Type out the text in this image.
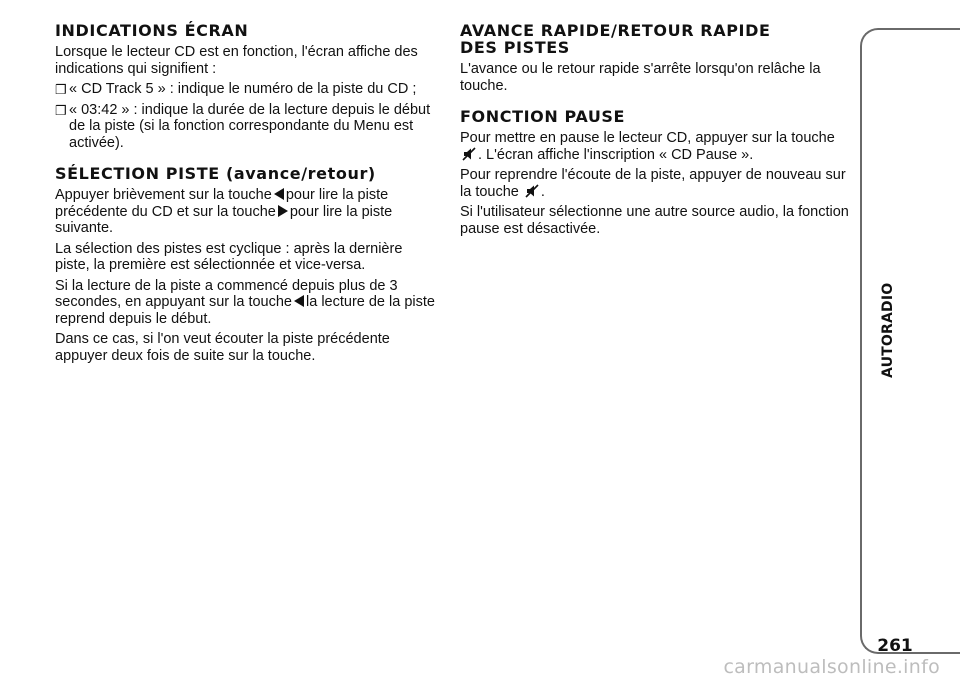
INDICATIONS ÉCRAN

Lorsque le lecteur CD est en fonction, l'écran affiche des indications qui signifient :

❒ « CD Track 5 » : indique le numéro de la piste du CD ;
❒ « 03:42 » : indique la durée de la lecture depuis le début de la piste (si la fonction correspondante du Menu est activée).
SÉLECTION PISTE (avance/retour)

Appuyer brièvement sur la touche pour lire la piste précédente du CD et sur la touche pour lire la piste suivante.

La sélection des pistes est cyclique : après la dernière piste, la première est sélectionnée et vice-versa.

Si la lecture de la piste a commencé depuis plus de 3 secondes, en appuyant sur la touche la lecture de la piste reprend depuis le début.

Dans ce cas, si l'on veut écouter la piste précédente appuyer deux fois de suite sur la touche.

AVANCE RAPIDE/RETOUR RAPIDE
DES PISTES

L'avance ou le retour rapide s'arrête lorsqu'on relâche la touche.

FONCTION PAUSE

Pour mettre en pause le lecteur CD, appuyer sur la touche . L'écran affiche l'inscription « CD Pause ».

Pour reprendre l'écoute de la piste, appuyer de nouveau sur la touche .

Si l'utilisateur sélectionne une autre source audio, la fonction pause est désactivée.

AUTORADIO
261
carmanualsonline.info
